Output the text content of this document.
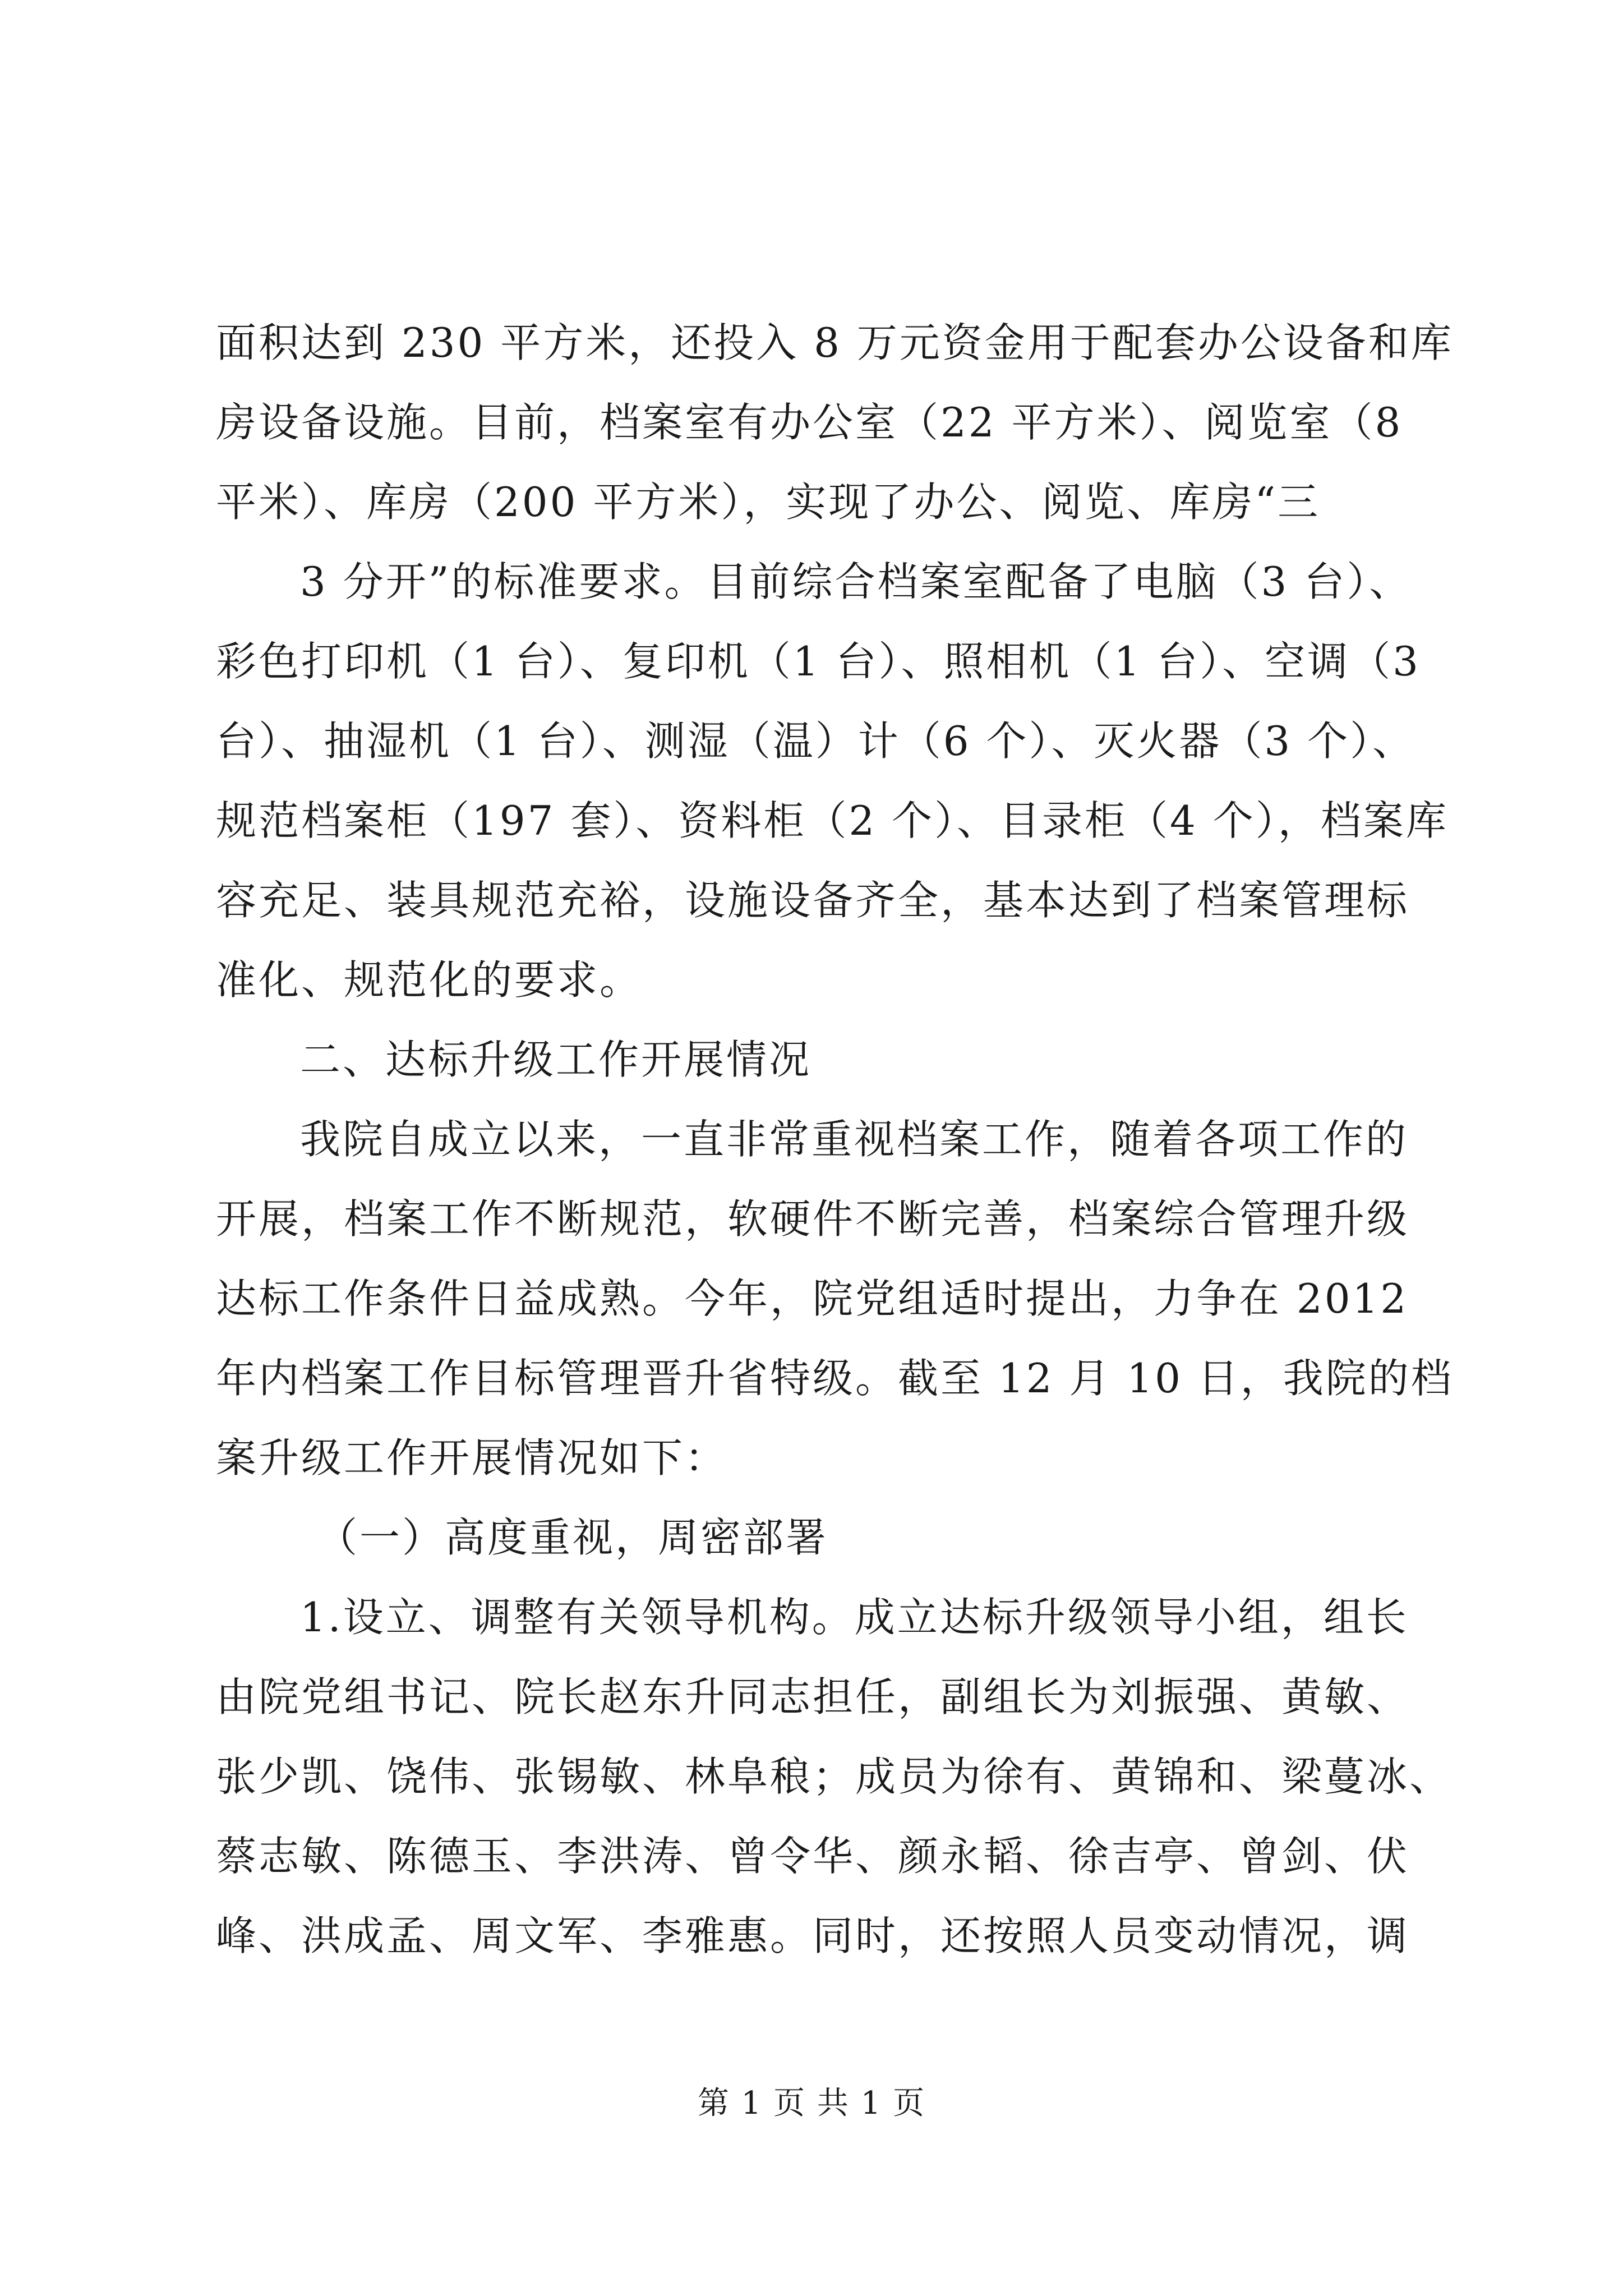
面积达到 230 平方米，还投入 8 万元资金用于配套办公设备和库
房设备设施。目前，档案室有办公室（22 平方米）、阅览室（8
平米）、库房（200 平方米），实现了办公、阅览、库房“三
3 分开”的标准要求。目前综合档案室配备了电脑（3 台）、
彩色打印机（1 台）、复印机（1 台）、照相机（1 台）、空调（3
台）、抽湿机（1 台）、测湿（温）计（6 个）、灭火器（3 个）、
规范档案柜（197 套）、资料柜（2 个）、目录柜（4 个），档案库
容充足、装具规范充裕，设施设备齐全，基本达到了档案管理标
准化、规范化的要求。
二、达标升级工作开展情况
我院自成立以来，一直非常重视档案工作，随着各项工作的
开展，档案工作不断规范，软硬件不断完善，档案综合管理升级
达标工作条件日益成熟。今年，院党组适时提出，力争在 2012
年内档案工作目标管理晋升省特级。截至 12 月 10 日，我院的档
案升级工作开展情况如下：
（一）高度重视，周密部署
1.设立、调整有关领导机构。成立达标升级领导小组，组长
由院党组书记、院长赵东升同志担任，副组长为刘振强、黄敏、
张少凯、饶伟、张锡敏、林阜稂；成员为徐有、黄锦和、梁蔓冰、
蔡志敏、陈德玉、李洪涛、曾令华、颜永韬、徐吉亭、曾剑、伏
峰、洪成孟、周文军、李雅惠。同时，还按照人员变动情况，调
第 1 页 共 1 页
